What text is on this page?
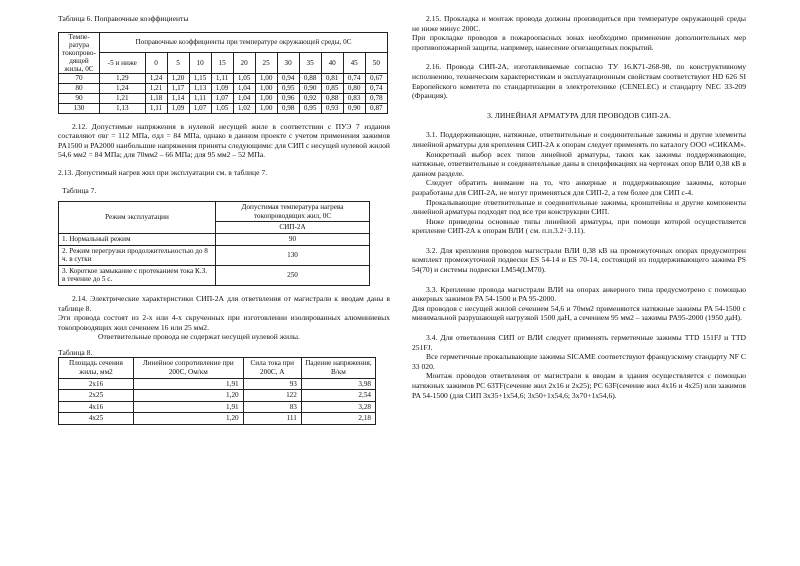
Таблица 6. Поправочные коэффициенты

Темпе- ратура токопрово- дящей жилы, 0С	Поправочные коэффициенты при температуре окружающей среды, 0С											
	-5 и ниже	0	5	10	15	20	25	30	35	40	45	50
70	1,29	1,24	1,20	1,15	1,11	1,05	1,00	0,94	0,88	0,81	0,74	0,67
80	1,24	1,21	1,17	1,13	1,09	1,04	1,00	0,95	0,90	0,85	0,80	0,74
90	1,21	1,18	1,14	1,11	1,07	1,04	1,00	0,96	0,92	0,88	0,83	0,78
130	1,13	1,11	1,09	1,07	1,05	1,02	1,00	0,98	0,95	0,93	0,90	0,87

2.12. Допустимые напряжения в нулевой несущей жиле в соответствии с ПУЭ 7 издания составляют σвг = 112 МПа, σдл = 84 МПа, однако в данном проекте с учетом применения зажимов PA1500 и PA2000 наибольшие напряжения приняты следующими: для СИП с несущей нулевой жилой 54,6 мм2 = 84 МПа; для 70мм2 – 66 МПа; для 95 мм2 – 52 МПа.

2.13. Допустимый нагрев жил при эксплуатации см. в таблице 7.

Таблица 7.

Режим эксплуатации	Допустимая температура нагрева токопроводящих жил, 0С
	СИП-2А
1. Нормальный режим	90
2. Режим перегрузки продолжительностью до 8 ч. в сутки	130
3. Короткое замыкание с протеканием тока К.З. в течение до 5 с.	250

2.14. Электрические характеристики СИП-2А для ответвления от магистрали к вводам даны в таблице 8.

Эти провода состоят из 2-х или 4-х скрученных при изготовлении изолированных алюминиевых токопроводящих жил сечением 16 или 25 мм2.

Ответвительные провода не содержат несущей нулевой жилы.

Таблица 8.

Площадь сечения жилы, мм2	Линейное сопротивление при 200С, Ом/км	Сила тока при 200С, А	Падение напряжения, В/км
2x16	1,91	93	3,98
2x25	1,20	122	2,54
4x16	1,91	83	3,28
4x25	1,20	111	2,18

2.15. Прокладка и монтаж провода должны производиться при температуре окружающей среды не ниже минус 200С.

При прокладке проводов в пожароопасных зонах необходимо применение дополнительных мер противопожарной защиты, например, нанесение огнезащитных покрытий.

2.16. Провода СИП-2А, изготавливаемые согласно ТУ 16.К71-268-98, по конструктивному исполнению, техническим характеристикам и эксплуатационным свойствам соответствуют HD 626 SI Европейского комитета по стандартизации в электротехнике (CENELEC) и стандарту NEC 33-209 (Франция).

3. ЛИНЕЙНАЯ АРМАТУРА ДЛЯ ПРОВОДОВ СИП-2А.

3.1. Поддерживающие, натяжные, ответвительные и соединительные зажимы и другие элементы линейной арматуры для крепления СИП-2А к опорам следует применять по каталогу ООО «СИКАМ».

Конкретный выбор всех типов линейной арматуры, таких как зажимы поддерживающие, натяжные, ответвительные и соединительные даны в спецификациях на чертежах опор ВЛИ 0,38 кВ в данном разделе.

Следует обратить внимание на то, что анкерные и поддерживающие зажимы, которые разработаны для СИП-2А, не могут применяться для СИП-2, а тем более для СИП с-4.

Прокалывающие ответвительные и соединительные зажимы, кронштейны и другие компоненты линейной арматуры подходят под все три конструкции СИП.

Ниже приведены основные типы линейной арматуры, при помощи которой осуществляется крепление СИП-2А к опорам ВЛИ ( см. п.п.3.2÷3.11).

3.2. Для крепления проводов магистрали ВЛИ 0,38 кВ на промежуточных опорах предусмотрен комплект промежуточной подвески ES 54-14 и ES 70-14, состоящий из поддерживающего зажима PS 54(70) и системы подвески LM54(LM70).

3.3. Крепление провода магистрали ВЛИ на опорах анкерного типа предусмотрено с помощью анкерных зажимов PA 54-1500 и PA 95-2000.

Для проводов с несущей жилой сечением 54,6 и 70мм2 применяются натяжные зажимы PA 54-1500 с минимальной разрушающей нагрузкой 1500 даН, а сечением 95 мм2 – зажимы PA95-2000 (1950 даН).

3.4. Для ответвления СИП от ВЛИ следует применять герметичные зажимы TTD 151FJ и TTD 251FJ.

Все герметичные прокалывающие зажимы SICAME соответствуют французскому стандарту NF C 33 020.

Монтаж проводов ответвления от магистрали к вводам в здания осуществляется с помощью натяжных зажимов PC 63TF(сечение жил 2x16 и 2x25); PC 63F(сечение жил 4x16 и 4x25) или зажимов PA 54-1500 (для СИП 3x35+1x54,6; 3x50+1x54,6; 3x70+1x54,6).
